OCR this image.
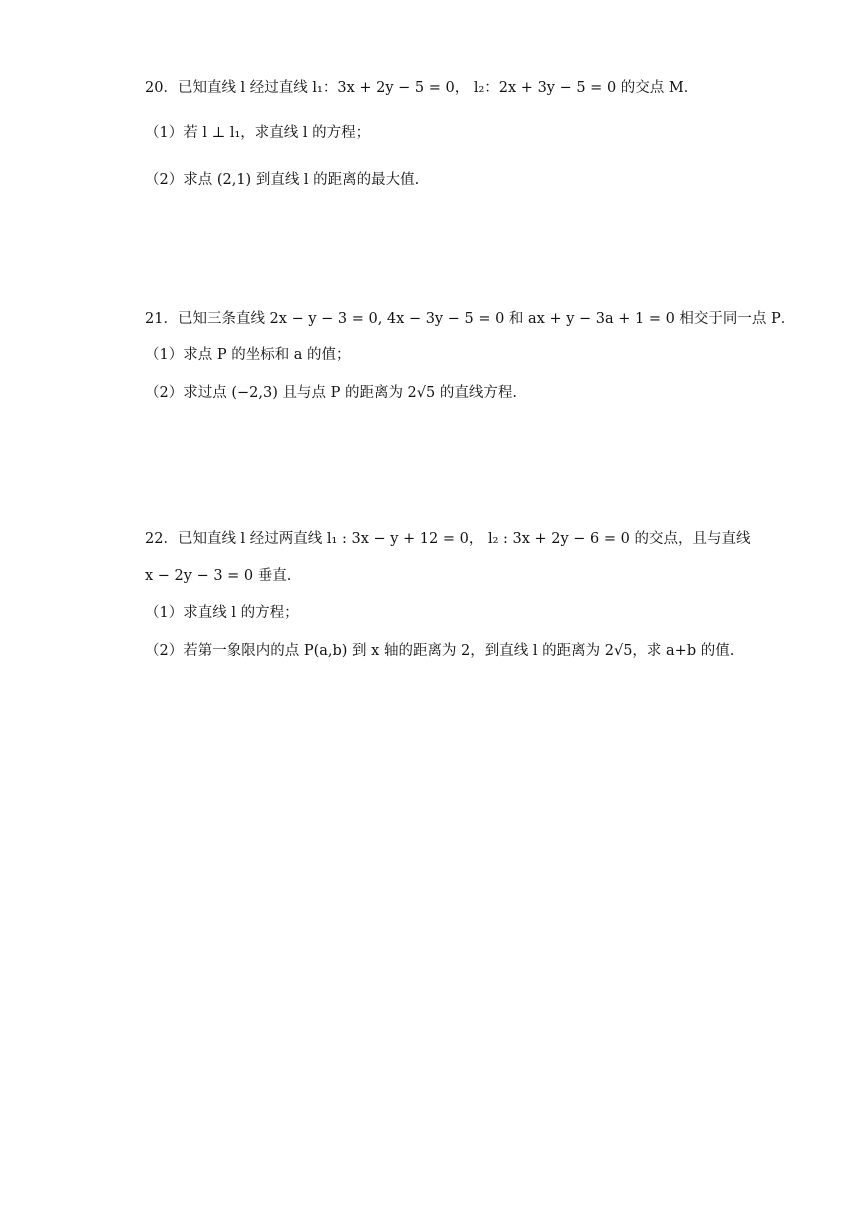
20．已知直线 l 经过直线 l₁：3x + 2y − 5 = 0， l₂：2x + 3y − 5 = 0 的交点 M．
（1）若 l ⊥ l₁，求直线 l 的方程；
（2）求点 (2,1) 到直线 l 的距离的最大值.
21．已知三条直线 2x − y − 3 = 0, 4x − 3y − 5 = 0 和 ax + y − 3a + 1 = 0 相交于同一点 P．
（1）求点 P 的坐标和 a 的值；
（2）求过点 (−2,3) 且与点 P 的距离为 2√5 的直线方程.
22．已知直线 l 经过两直线 l₁ : 3x − y + 12 = 0， l₂ : 3x + 2y − 6 = 0 的交点，且与直线
x − 2y − 3 = 0 垂直.
（1）求直线 l 的方程；
（2）若第一象限内的点 P(a,b) 到 x 轴的距离为 2，到直线 l 的距离为 2√5，求 a+b 的值.
